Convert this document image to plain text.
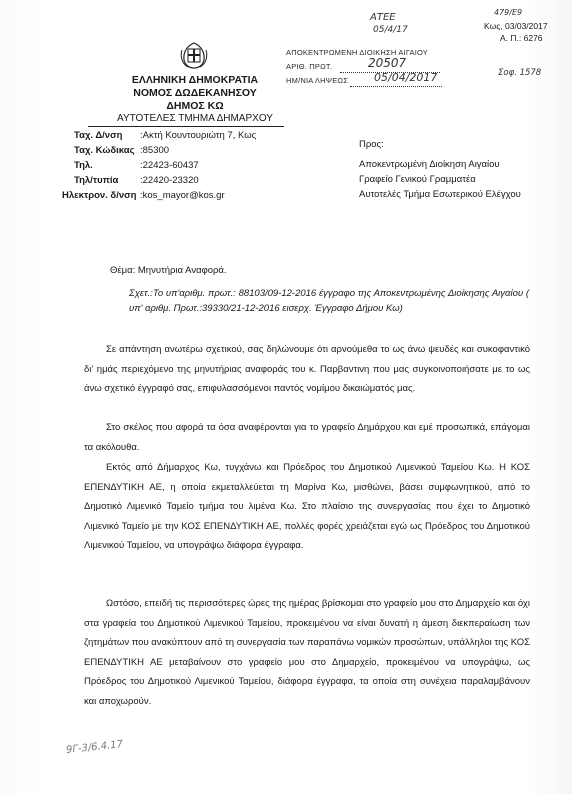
ΑΤΕΕ
05/4/17
479/Ε9
Κως, 03/03/2017
Α. Π.: 6276
Σοφ. 1578
ΑΠΟΚΕΝΤΡΩΜΕΝΗ ΔΙΟΙΚΗΣΗ ΑΙΓΑΙΟΥ
ΑΡΙΘ. ΠΡΩΤ.	20507
ΗΜ/ΝΙΑ ΛΗΨΕΩΣ 05/04/2017
ΕΛΛΗΝΙΚΗ ΔΗΜΟΚΡΑΤΙΑ
ΝΟΜΟΣ ΔΩΔΕΚΑΝΗΣΟΥ
ΔΗΜΟΣ ΚΩ
ΑΥΤΟΤΕΛΕΣ ΤΜΗΜΑ ΔΗΜΑΡΧΟΥ
Ταχ. Δ/νση :Ακτή Κουντουριώτη 7, Κως
Ταχ. Κώδικας :85300
Τηλ.	:22423-60437
Τηλ/τυπία :22420-23320
Ηλεκτρον. δ/νση :kos_mayor@kos.gr
Προς:
Αποκεντρωμένη Διοίκηση Αιγαίου
Γραφείο Γενικού Γραμματέα
Αυτοτελές Τμήμα Εσωτερικού Ελέγχου
Θέμα: Μηνυτήρια Αναφορά.
Σχετ.:Το υπ'αριθμ. πρωτ.: 88103/09-12-2016 έγγραφο της Αποκεντρωμένης Διοίκησης Αιγαίου ( υπ' αριθμ. Πρωτ.:39330/21-12-2016 εισερχ. Έγγραφο Δήμου Κω)
Σε απάντηση ανωτέρω σχετικού, σας δηλώνουμε ότι αρνούμεθα το ως άνω ψευδές και συκοφαντικό δι' ημάς περιεχόμενο της μηνυτήριας αναφοράς του κ. Παρβαντινη που μας συγκοινοποιήσατε με το ως άνω σχετικό έγγραφό σας, επιφυλασσόμενοι παντός νομίμου δικαιώματός μας.
Στο σκέλος που αφορά τα όσα αναφέρονται για το γραφείο Δημάρχου και εμέ προσωπικά, επάγομαι τα ακόλουθα.
Εκτός από Δήμαρχος Κω, τυγχάνω και Πρόεδρος του Δημοτικού Λιμενικού Ταμείου Κω. Η ΚΟΣ ΕΠΕΝΔΥΤΙΚΗ ΑΕ, η οποία εκμεταλλεύεται τη Μαρίνα Κω, μισθώνει, βάσει συμφωνητικού, από το Δημοτικό Λιμενικό Ταμείο τμήμα του λιμένα Κω. Στο πλαίσιο της συνεργασίας που έχει το Δημοτικό Λιμενικό Ταμείο με την ΚΟΣ ΕΠΕΝΔΥΤΙΚΗ ΑΕ, πολλές φορές χρειάζεται εγώ ως Πρόεδρος του Δημοτικού Λιμενικού Ταμείου, να υπογράψω διάφορα έγγραφα.
Ωστόσο, επειδή τις περισσότερες ώρες της ημέρας βρίσκομαι στο γραφείο μου στο Δημαρχείο και όχι στα γραφεία του Δημοτικού Λιμενικού Ταμείου, προκειμένου να είναι δυνατή η άμεση διεκπεραίωση των ζητημάτων που ανακύπτουν από τη συνεργασία των παραπάνω νομικών προσώπων, υπάλληλοι της ΚΟΣ ΕΠΕΝΔΥΤΙΚΗ ΑΕ μεταβαίνουν στο γραφείο μου στο Δημαρχείο, προκειμένου να υπογράψω, ως Πρόεδρος του Δημοτικού Λιμενικού Ταμείου, διάφορα έγγραφα, τα οποία στη συνέχεια παραλαμβάνουν και αποχωρούν.
9Γ-3/6.4.17
